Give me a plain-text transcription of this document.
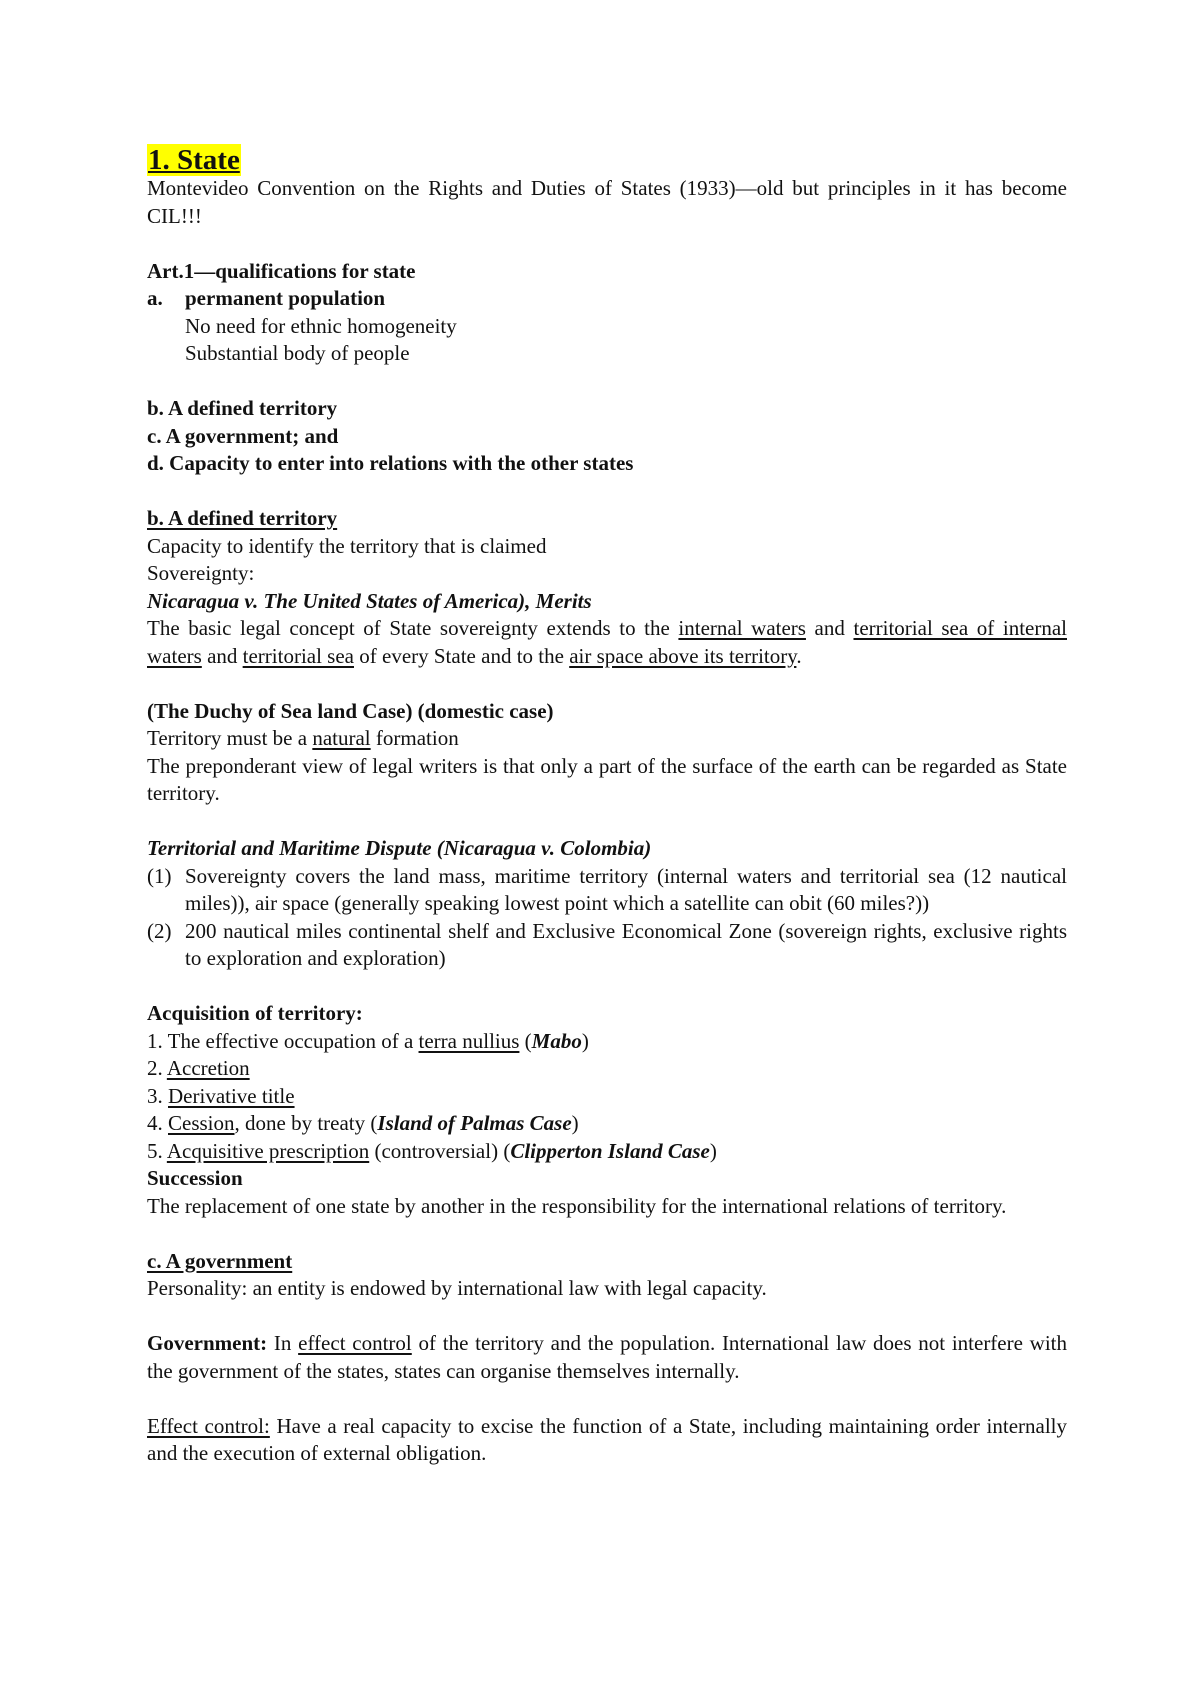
1. State

Montevideo Convention on the Rights and Duties of States (1933)—old but principles in it has become CIL!!!

Art.1—qualifications for state

a.	permanent population

No need for ethnic homogeneity

Substantial body of people

b. A defined territory

c. A government; and

d. Capacity to enter into relations with the other states

b. A defined territory

Capacity to identify the territory that is claimed

Sovereignty:

Nicaragua v. The United States of America), Merits

The basic legal concept of State sovereignty extends to the internal waters and territorial sea of internal waters and territorial sea of every State and to the air space above its territory.

(The Duchy of Sea land Case) (domestic case)

Territory must be a natural formation

The preponderant view of legal writers is that only a part of the surface of the earth can be regarded as State territory.

Territorial and Maritime Dispute (Nicaragua v. Colombia)

(1) Sovereignty covers the land mass, maritime territory (internal waters and territorial sea (12 nautical miles)), air space (generally speaking lowest point which a satellite can obit (60 miles?))
(2) 200 nautical miles continental shelf and Exclusive Economical Zone (sovereign rights, exclusive rights to exploration and exploration)

Acquisition of territory:

1. The effective occupation of a terra nullius (Mabo)

2. Accretion

3. Derivative title

4. Cession, done by treaty (Island of Palmas Case)

5. Acquisitive prescription (controversial) (Clipperton Island Case)

Succession

The replacement of one state by another in the responsibility for the international relations of territory.

c. A government

Personality: an entity is endowed by international law with legal capacity.

Government: In effect control of the territory and the population. International law does not interfere with the government of the states, states can organise themselves internally.

Effect control: Have a real capacity to excise the function of a State, including maintaining order internally and the execution of external obligation.
